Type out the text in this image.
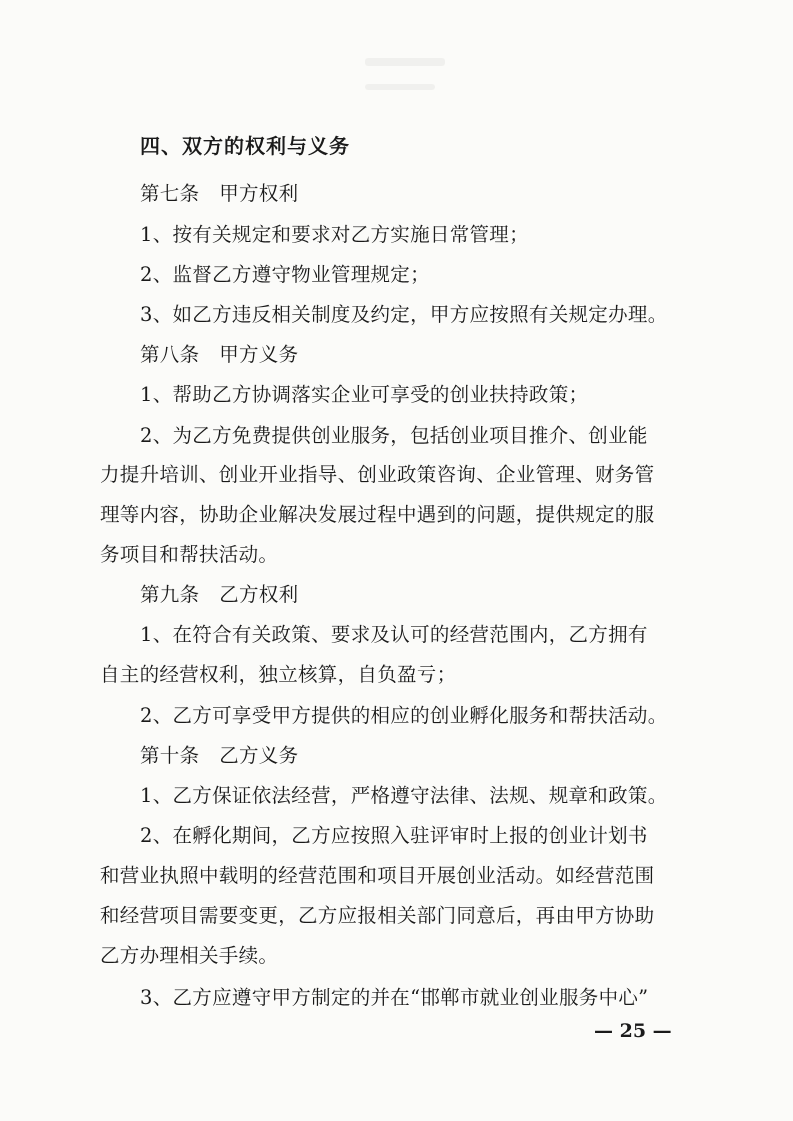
四、双方的权利与义务
第七条　甲方权利
1、按有关规定和要求对乙方实施日常管理；
2、监督乙方遵守物业管理规定；
3、如乙方违反相关制度及约定，甲方应按照有关规定办理。
第八条　甲方义务
1、帮助乙方协调落实企业可享受的创业扶持政策；
2、为乙方免费提供创业服务，包括创业项目推介、创业能
力提升培训、创业开业指导、创业政策咨询、企业管理、财务管
理等内容，协助企业解决发展过程中遇到的问题，提供规定的服
务项目和帮扶活动。
第九条　乙方权利
1、在符合有关政策、要求及认可的经营范围内，乙方拥有
自主的经营权利，独立核算，自负盈亏；
2、乙方可享受甲方提供的相应的创业孵化服务和帮扶活动。
第十条　乙方义务
1、乙方保证依法经营，严格遵守法律、法规、规章和政策。
2、在孵化期间，乙方应按照入驻评审时上报的创业计划书
和营业执照中载明的经营范围和项目开展创业活动。如经营范围
和经营项目需要变更，乙方应报相关部门同意后，再由甲方协助
乙方办理相关手续。
3、乙方应遵守甲方制定的并在“邯郸市就业创业服务中心”
— 25 —
